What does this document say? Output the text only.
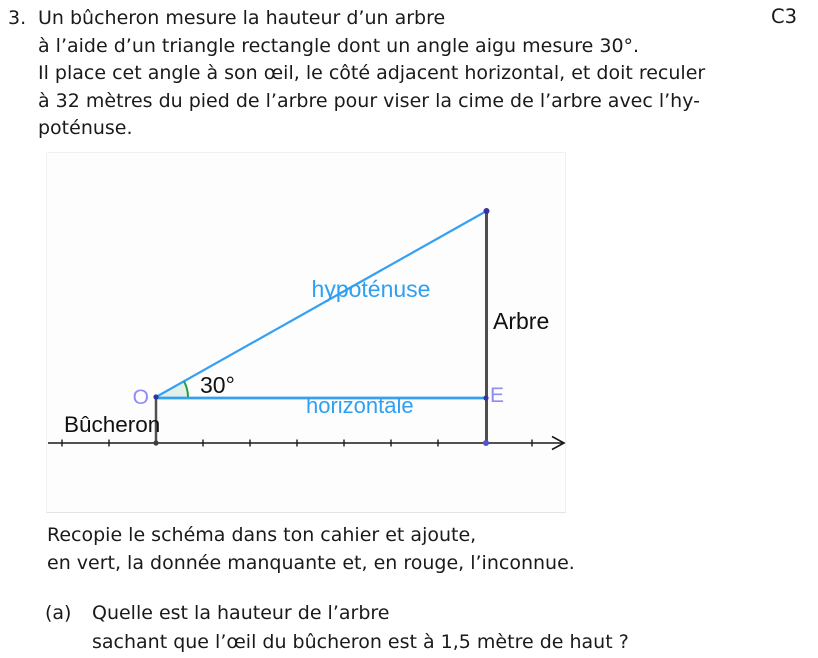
3.	C3
Un bûcheron mesure la hauteur d’un arbre
à l’aide d’un triangle rectangle dont un angle aigu mesure 30°.
Il place cet angle à son œil, le côté adjacent horizontal, et doit reculer
à 32 mètres du pied de l’arbre pour viser la cime de l’arbre avec l’hy-
poténuse.
O	E
30°
hypoténuse
horizontale
Arbre
Bûcheron
Recopie le schéma dans ton cahier et ajoute,
en vert, la donnée manquante et, en rouge, l’inconnue.
(a) Quelle est la hauteur de l’arbre
sachant que l’œil du bûcheron est à 1,5 mètre de haut ?
